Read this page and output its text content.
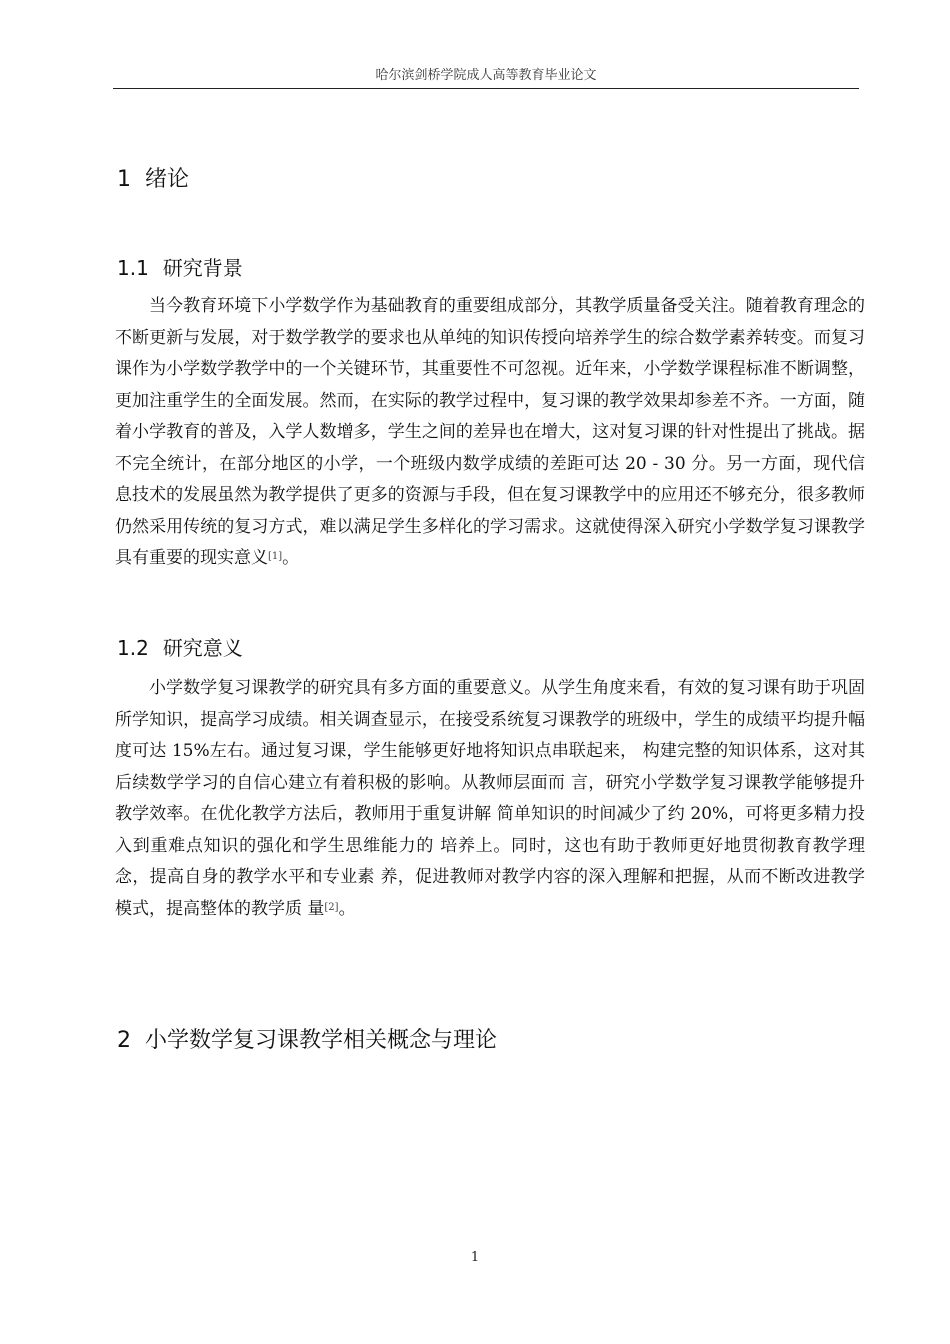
哈尔滨剑桥学院成人高等教育毕业论文
1 绪论
1.1 研究背景

当今教育环境下小学数学作为基础教育的重要组成部分，其教学质量备受关注。随着教育理念的不断更新与发展，对于数学教学的要求也从单纯的知识传授向培养学生的综合数学素养转变。而复习课作为小学数学教学中的一个关键环节，其重要性不可忽视。近年来，小学数学课程标准不断调整，更加注重学生的全面发展。然而，在实际的教学过程中，复习课的教学效果却参差不齐。一方面，随着小学教育的普及，入学人数增多，学生之间的差异也在增大，这对复习课的针对性提出了挑战。据不完全统计，在部分地区的小学，一个班级内数学成绩的差距可达 20 - 30 分。另一方面，现代信息技术的发展虽然为教学提供了更多的资源与手段，但在复习课教学中的应用还不够充分，很多教师仍然采用传统的复习方式，难以满足学生多样化的学习需求。这就使得深入研究小学数学复习课教学具有重要的现实意义[1]。

1.2 研究意义

小学数学复习课教学的研究具有多方面的重要意义。从学生角度来看，有效的复习课有助于巩固所学知识，提高学习成绩。相关调查显示，在接受系统复习课教学的班级中，学生的成绩平均提升幅度可达 15%左右。通过复习课，学生能够更好地将知识点串联起来， 构建完整的知识体系，这对其后续数学学习的自信心建立有着积极的影响。从教师层面而 言，研究小学数学复习课教学能够提升教学效率。在优化教学方法后，教师用于重复讲解 简单知识的时间减少了约 20%，可将更多精力投入到重难点知识的强化和学生思维能力的 培养上。同时，这也有助于教师更好地贯彻教育教学理念，提高自身的教学水平和专业素 养，促进教师对教学内容的深入理解和把握，从而不断改进教学模式，提高整体的教学质 量[2]。

2 小学数学复习课教学相关概念与理论
1
